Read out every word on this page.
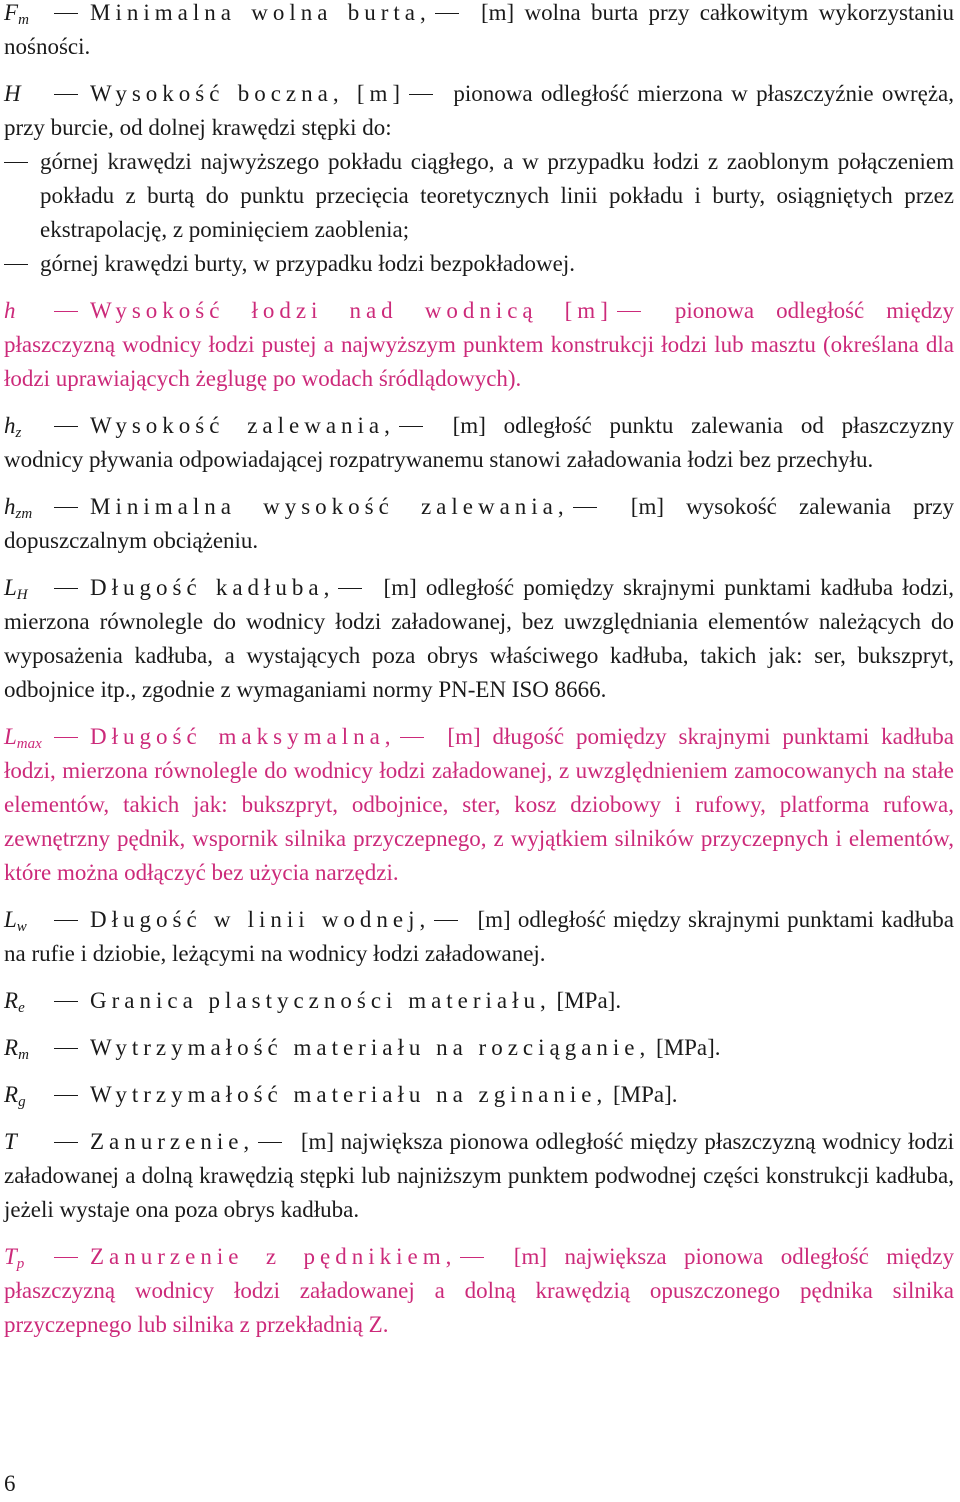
$F_m$	Minimalna wolna burta, [m] wolna burta przy całkowitym wykorzystaniu nośności.

H	Wysokość boczna, [m] pionowa odległość mierzona w płaszczyźnie owręża, przy burcie, od dolnej krawędzi stępki do:
górnej krawędzi najwyższego pokładu ciągłego, a w przypadku łodzi z zaoblonym połączeniem pokładu z burtą do punktu przecięcia teoretycznych linii pokładu i burty, osiągniętych przez ekstrapolację, z pominięciem zaoblenia;
górnej krawędzi burty, w przypadku łodzi bezpokładowej.

h	Wysokość łodzi nad wodnicą [m] pionowa odległość między płaszczyzną wodnicy łodzi pustej a najwyższym punktem konstrukcji łodzi lub masztu (określana dla łodzi uprawiających żeglugę po wodach śródlądowych).

$h_z$	Wysokość zalewania, [m] odległość punktu zalewania od płaszczyzny wodnicy pływania odpowiadającej rozpatrywanemu stanowi załadowania łodzi bez przechyłu.

$h_{zm}$	Minimalna wysokość zalewania, [m] wysokość zalewania przy dopuszczalnym obciążeniu.

$L_H$	Długość kadłuba, [m] odległość pomiędzy skrajnymi punktami kadłuba łodzi, mierzona równolegle do wodnicy łodzi załadowanej, bez uwzględniania elementów należących do wyposażenia kadłuba, a wystających poza obrys właściwego kadłuba, takich jak: ser, bukszpryt, odbojnice itp., zgodnie z wymaganiami normy PN-EN ISO 8666.

$L_{max}$ Długość maksymalna, [m] długość pomiędzy skrajnymi punktami kadłuba łodzi, mierzona równolegle do wodnicy łodzi załadowanej, z uwzględnieniem zamocowanych na stałe elementów, takich jak: bukszpryt, odbojnice, ster, kosz dziobowy i rufowy, platforma rufowa, zewnętrzny pędnik, wspornik silnika przyczepnego, z wyjątkiem silników przyczepnych i elementów, które można odłączyć bez użycia narzędzi.

$L_w$	Długość w linii wodnej, [m] odległość między skrajnymi punktami kadłuba na rufie i dziobie, leżącymi na wodnicy łodzi załadowanej.

$R_e$	Granica plastyczności materiału, [MPa].

$R_m$	Wytrzymałość materiału na rozciąganie, [MPa].

$R_g$	Wytrzymałość materiału na zginanie, [MPa].

T	Zanurzenie, [m] największa pionowa odległość między płaszczyzną wodnicy łodzi załadowanej a dolną krawędzią stępki lub najniższym punktem podwodnej części konstrukcji kadłuba, jeżeli wystaje ona poza obrys kadłuba.

$T_p$	Zanurzenie z pędnikiem, [m] największa pionowa odległość między płaszczyzną wodnicy łodzi załadowanej a dolną krawędzią opuszczonego pędnika silnika przyczepnego lub silnika z przekładnią Z.

6
